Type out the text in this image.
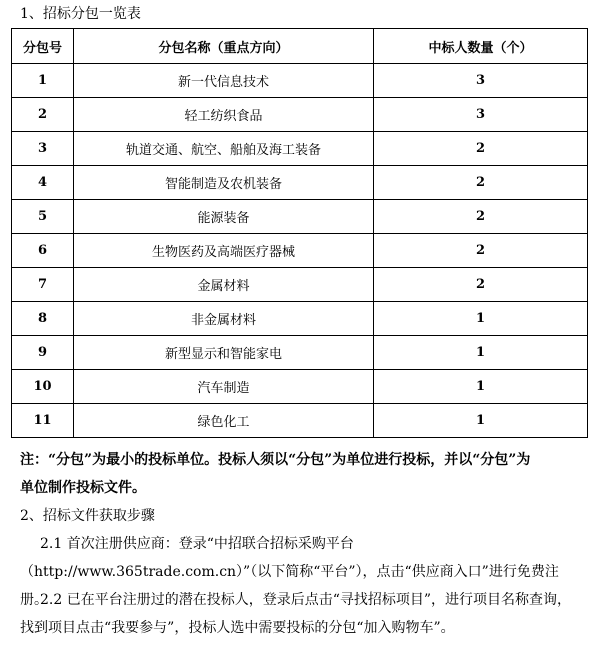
1、招标分包一览表
分包号	分包名称（重点方向）	中标人数量（个）
1	新一代信息技术	3
2	轻工纺织食品	3
3	轨道交通、航空、船舶及海工装备	2
4	智能制造及农机装备	2
5	能源装备	2
6	生物医药及高端医疗器械	2
7	金属材料	2
8	非金属材料	1
9	新型显示和智能家电	1
10	汽车制造	1
11	绿色化工	1
注：“分包”为最小的投标单位。投标人须以“分包”为单位进行投标，并以“分包”为单位制作投标文件。
2、招标文件获取步骤
2.1 首次注册供应商：登录“中招联合招标采购平台（http://www.365trade.com.cn）”（以下简称“平台”），点击“供应商入口”进行免费注册。
2.2 已在平台注册过的潜在投标人，登录后点击“寻找招标项目”，进行项目名称查询，找到项目点击“我要参与”，投标人选中需要投标的分包“加入购物车”。
